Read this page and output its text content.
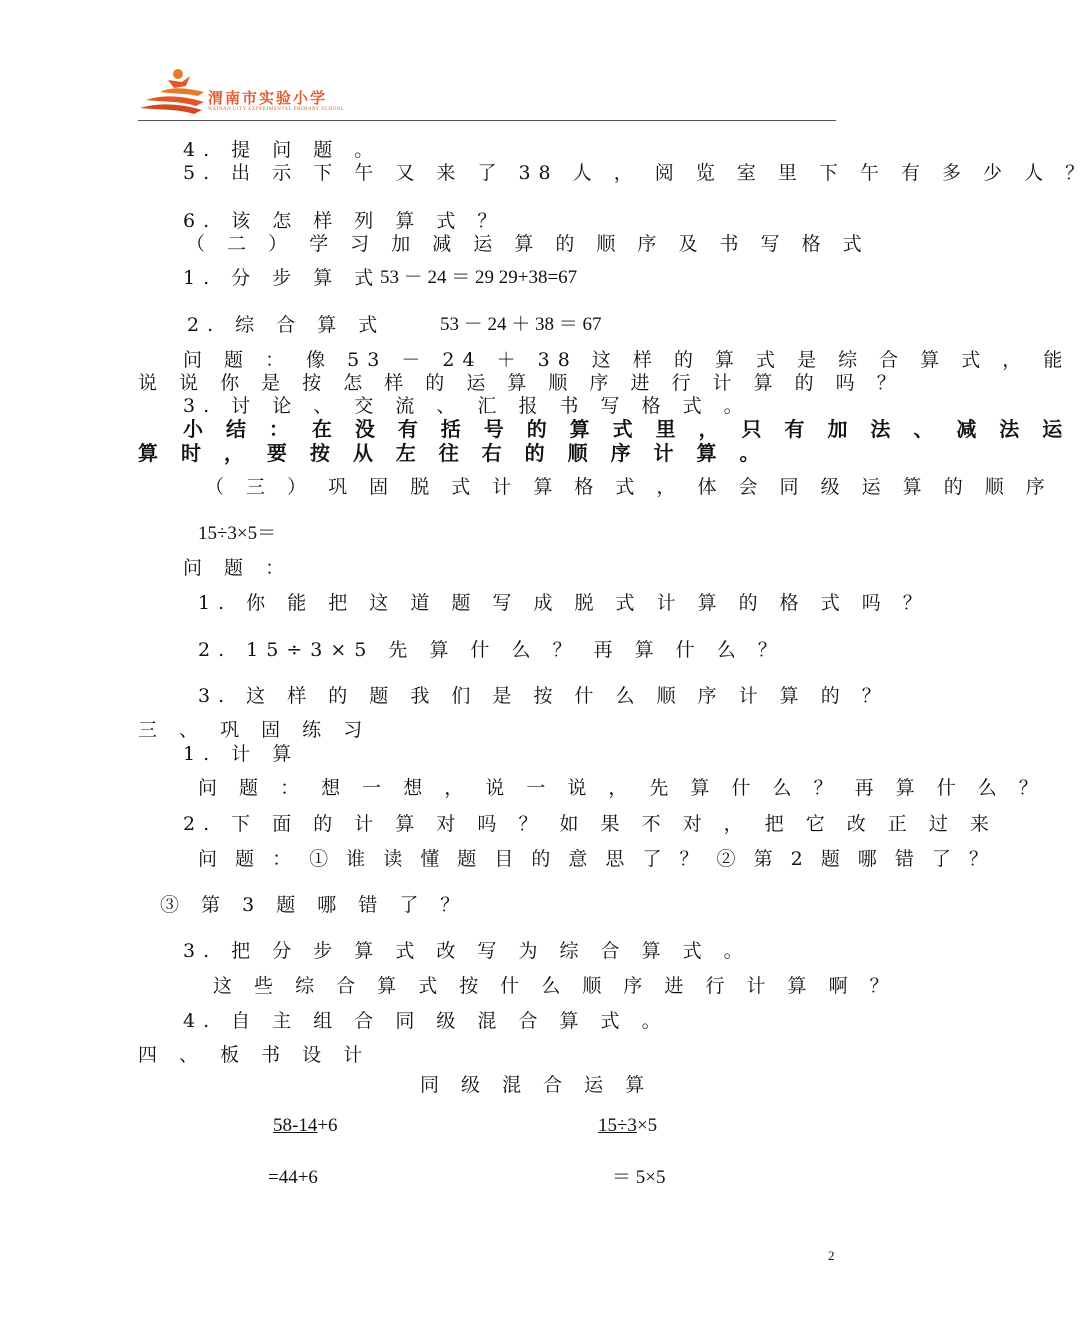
渭南市实验小学
WEINAN CITY EXPERIMENTAL PRIMARY SCHOOL
4. 提 问 题 。
5. 出 示 下 午 又 来 了 38 人 ， 阅 览 室 里 下 午 有 多 少 人 ？
6. 该 怎 样 列 算 式 ？
（ 二 ） 学 习 加 减 运 算 的 顺 序 及 书 写 格 式
1. 分 步 算 式
53 － 24 ＝ 29 29+38=67
2. 综 合 算 式	53 － 24 ＋ 38 ＝ 67
问 题 ： 像 53 － 24 ＋ 38 这 样 的 算 式 是 综 合 算 式 ， 能
说 说 你 是 按 怎 样 的 运 算 顺 序 进 行 计 算 的 吗 ？
3. 讨 论 、 交 流 、 汇 报 书 写 格 式 。
小 结 ： 在 没 有 括 号 的 算 式 里 ， 只 有 加 法 、 减 法 运
算 时 ， 要 按 从 左 往 右 的 顺 序 计 算 。
（ 三 ） 巩 固 脱 式 计 算 格 式 ， 体 会 同 级 运 算 的 顺 序
15÷3×5＝
问 题 ：
1. 你 能 把 这 道 题 写 成 脱 式 计 算 的 格 式 吗 ？
2. 15÷3×5 先 算 什 么 ？ 再 算 什 么 ？
3. 这 样 的 题 我 们 是 按 什 么 顺 序 计 算 的 ？
三 、 巩 固 练 习
1. 计 算
问 题 ： 想 一 想 ， 说 一 说 ， 先 算 什 么 ？ 再 算 什 么 ？
2. 下 面 的 计 算 对 吗 ？ 如 果 不 对 ， 把 它 改 正 过 来
问 题 ： ① 谁 读 懂 题 目 的 意 思 了 ？ ② 第 2 题 哪 错 了 ？
③ 第 3 题 哪 错 了 ？
3. 把 分 步 算 式 改 写 为 综 合 算 式 。
这 些 综 合 算 式 按 什 么 顺 序 进 行 计 算 啊 ？
4. 自 主 组 合 同 级 混 合 算 式 。
四 、 板 书 设 计
同 级 混 合 运 算
58-14+6
=44+6
15÷3×5
＝ 5×5
2
